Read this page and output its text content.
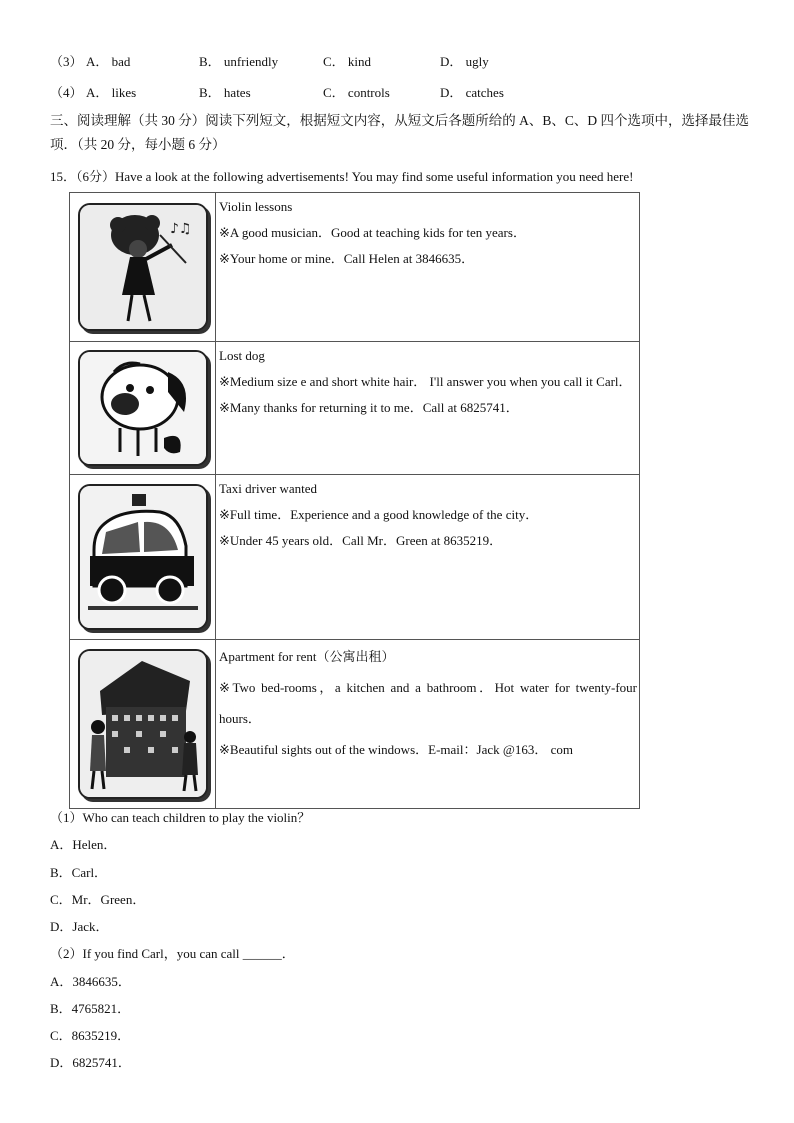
（3） A． bad	B． unfriendly	C． kind	D． ugly
（4） A． likes	B． hates	C． controls	D． catches
三、阅读理解（共 30 分）阅读下列短文，根据短文内容，从短文后各题所给的 A、B、C、D 四个选项中，选择最佳选项．（共 20 分，每小题 6 分）
15．（6分）Have a look at the following advertisements! You may find some useful information you need here!
♪♫	Violin lessons
※A good musician．Good at teaching kids for ten years．
※Your home or mine．Call Helen at 3846635．

Lost dog
※Medium size e and short white hair． I'll answer you when you call it Carl．
※Many thanks for returning it to me．Call at 6825741．

Taxi driver wanted
※Full time．Experience and a good knowledge of the city．
※Under 45 years old．Call Mr．Green at 8635219．

Apartment for rent（公寓出租）
※Two bed-rooms，a kitchen and a bathroom．Hot water for twenty-four hours．
※Beautiful sights out of the windows．E-mail：Jack @163． com
（1）Who can teach children to play the violin？
A．Helen．
B．Carl．
C．Mr．Green．
D．Jack．
（2）If you find Carl，you can call ______．
A．3846635．
B．4765821．
C．8635219．
D．6825741．
